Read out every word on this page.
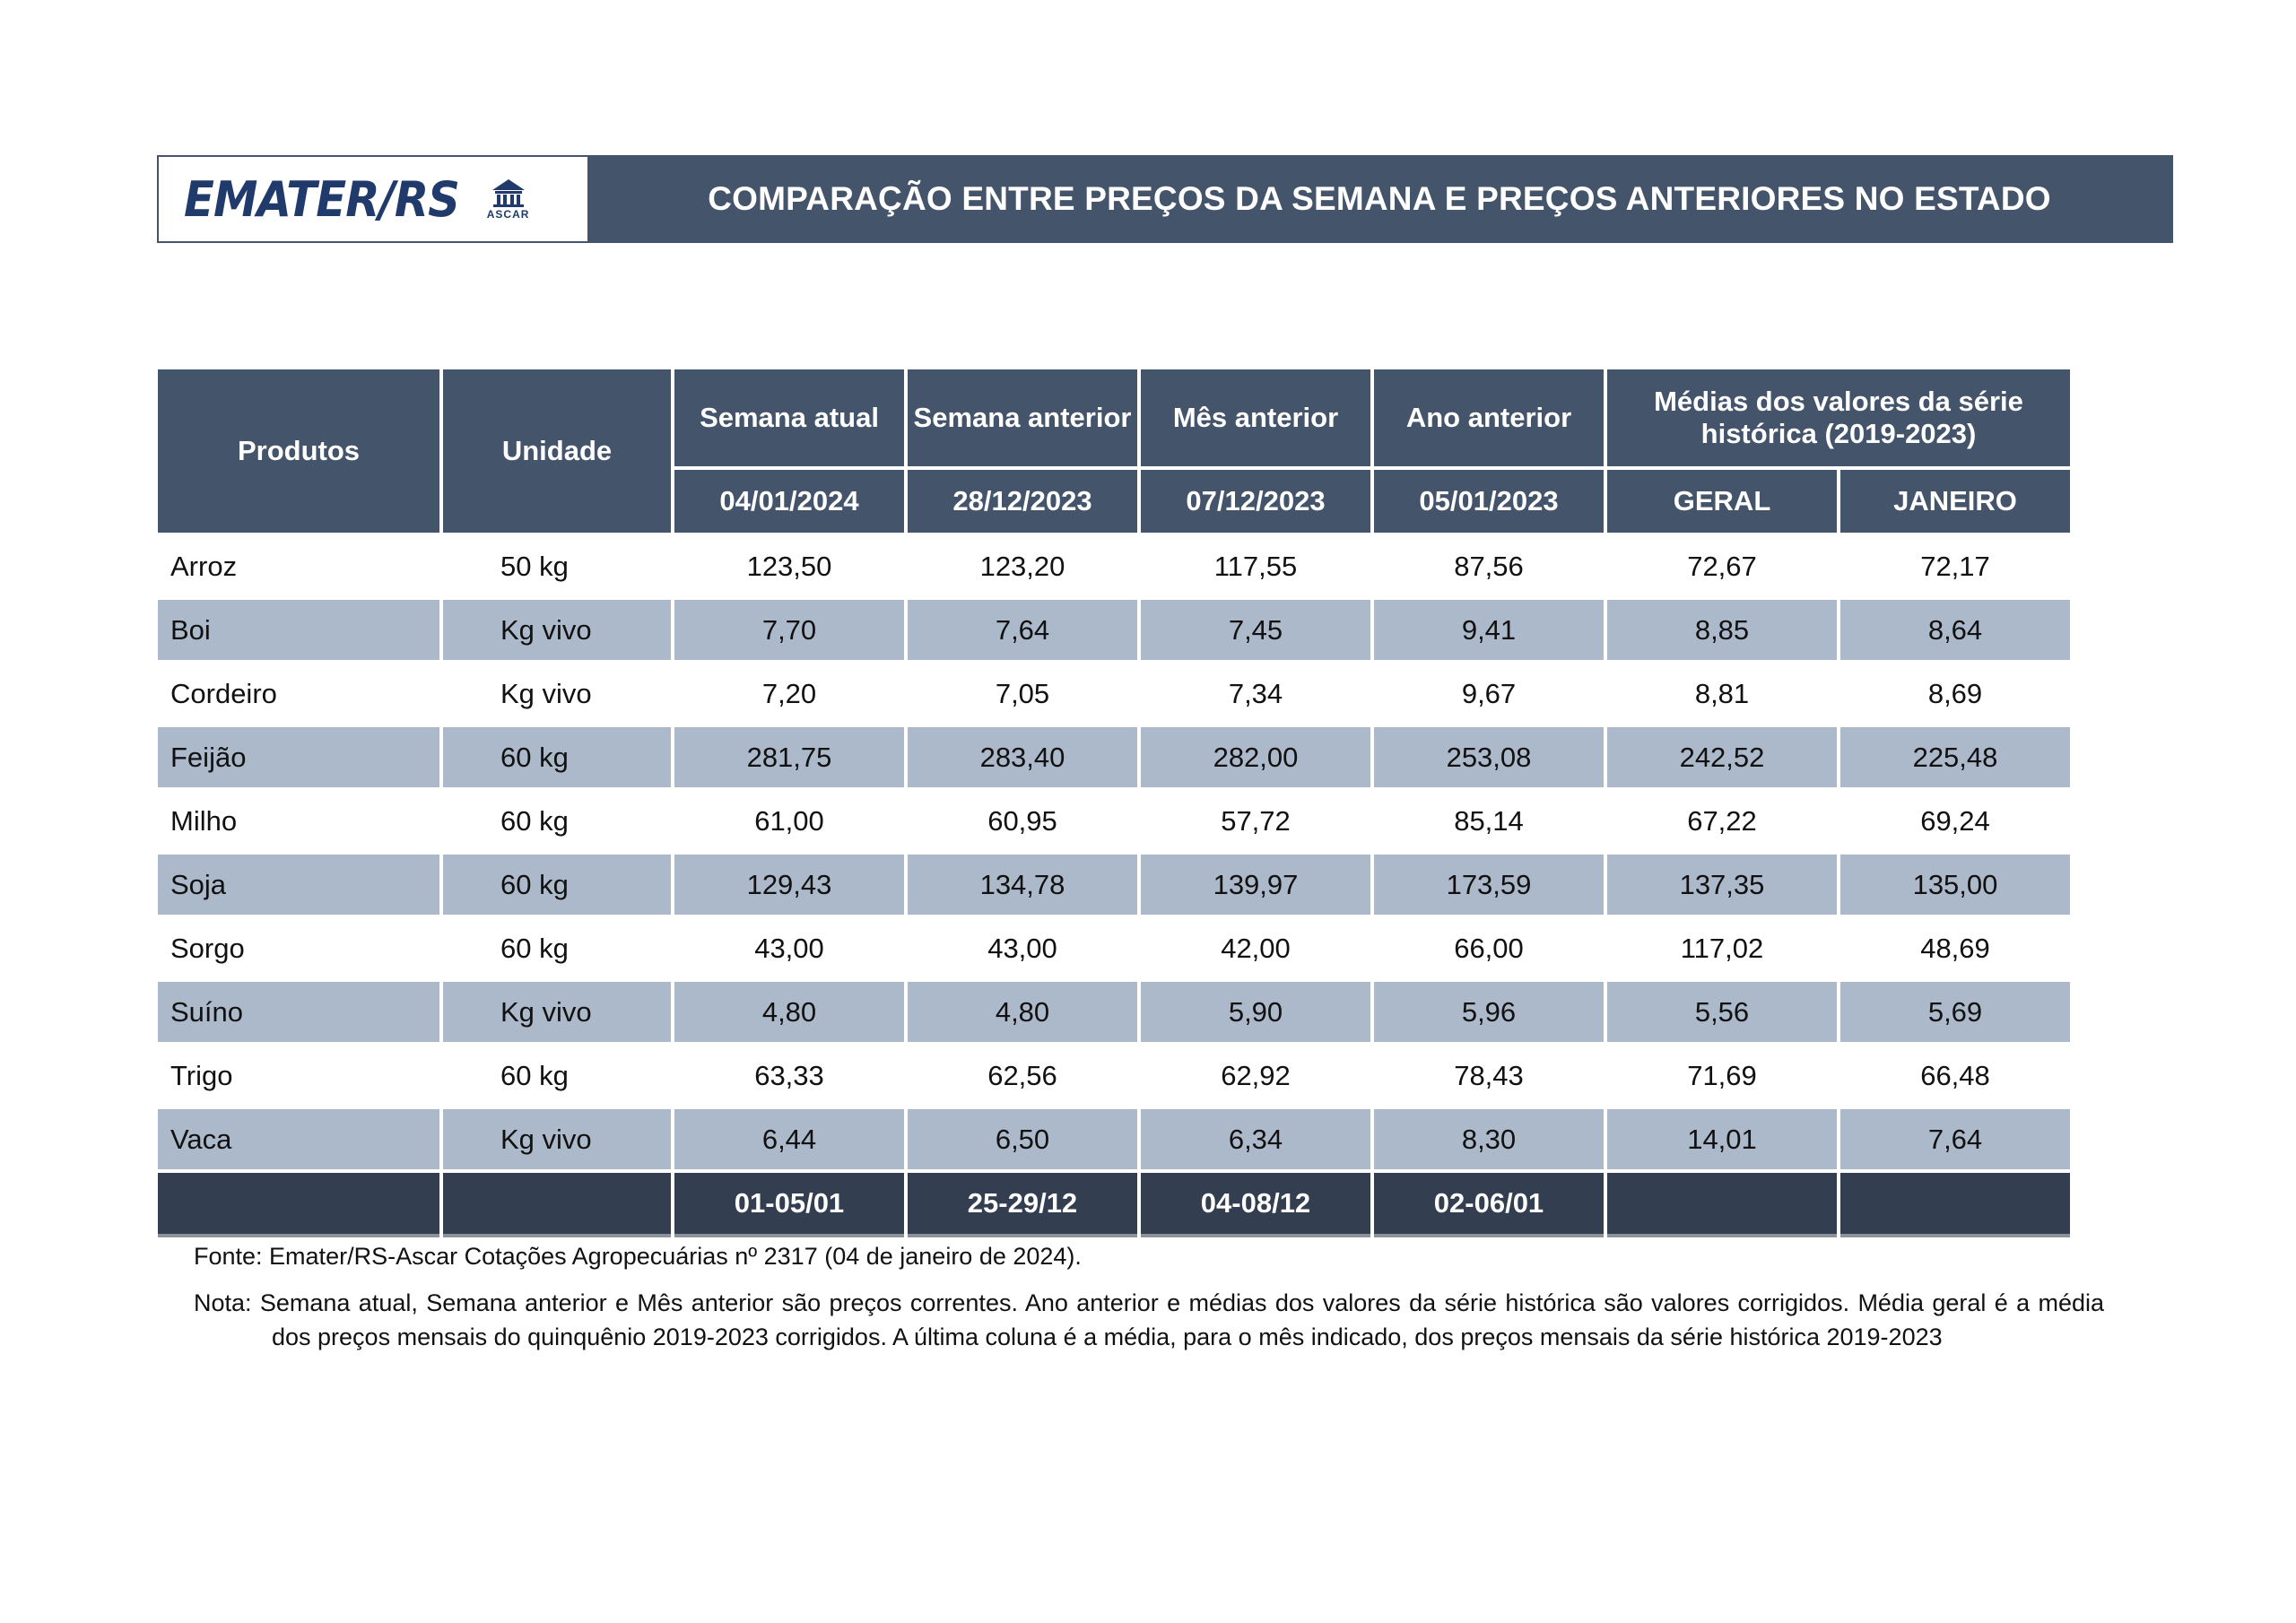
EMATER/RS	ASCAR	COMPARAÇÃO ENTRE PREÇOS DA SEMANA E PREÇOS ANTERIORES NO ESTADO
Produtos	Unidade	Semana atual	Semana anterior	Mês anterior	Ano anterior	Médias dos valores da série histórica (2019-2023)	
		04/01/2024	28/12/2023	07/12/2023	05/01/2023	GERAL	JANEIRO
Arroz	50 kg	123,50	123,20	117,55	87,56	72,67	72,17
Boi	Kg vivo	7,70	7,64	7,45	9,41	8,85	8,64
Cordeiro	Kg vivo	7,20	7,05	7,34	9,67	8,81	8,69
Feijão	60 kg	281,75	283,40	282,00	253,08	242,52	225,48
Milho	60 kg	61,00	60,95	57,72	85,14	67,22	69,24
Soja	60 kg	129,43	134,78	139,97	173,59	137,35	135,00
Sorgo	60 kg	43,00	43,00	42,00	66,00	117,02	48,69
Suíno	Kg vivo	4,80	4,80	5,90	5,96	5,56	5,69
Trigo	60 kg	63,33	62,56	62,92	78,43	71,69	66,48
Vaca	Kg vivo	6,44	6,50	6,34	8,30	14,01	7,64
		01-05/01	25-29/12	04-08/12	02-06/01		
Fonte: Emater/RS-Ascar Cotações Agropecuárias nº 2317 (04 de janeiro de 2024).
Nota: Semana atual, Semana anterior e Mês anterior são preços correntes. Ano anterior e médias dos valores da série histórica são valores corrigidos. Média geral é a média dos preços mensais do quinquênio 2019-2023 corrigidos. A última coluna é a média, para o mês indicado, dos preços mensais da série histórica 2019-2023
